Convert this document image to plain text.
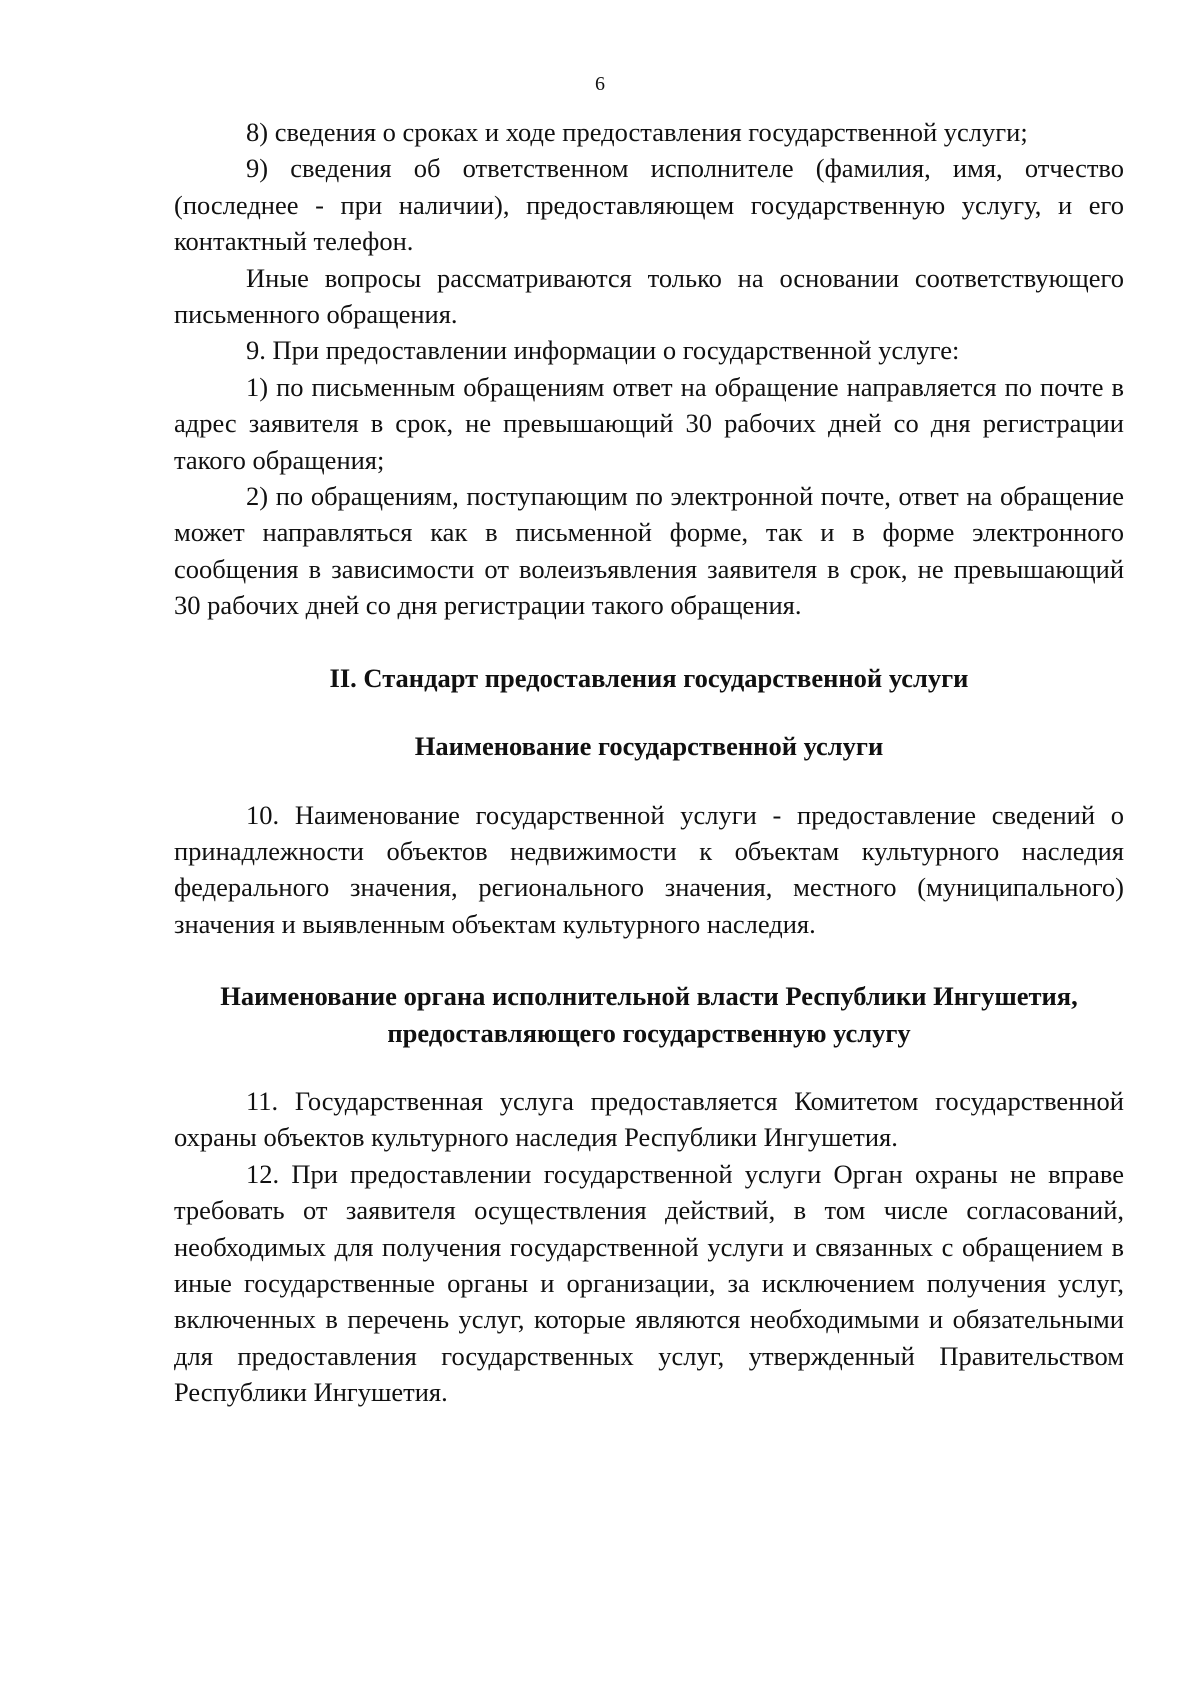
6

8) сведения о сроках и ходе предоставления государственной услуги;

9) сведения об ответственном исполнителе (фамилия, имя, отчество (последнее - при наличии), предоставляющем государственную услугу, и его контактный телефон.

Иные вопросы рассматриваются только на основании соответствующего письменного обращения.

9. При предоставлении информации о государственной услуге:

1) по письменным обращениям ответ на обращение направляется по почте в адрес заявителя в срок, не превышающий 30 рабочих дней со дня регистрации такого обращения;

2) по обращениям, поступающим по электронной почте, ответ на обращение может направляться как в письменной форме, так и в форме электронного сообщения в зависимости от волеизъявления заявителя в срок, не превышающий 30 рабочих дней со дня регистрации такого обращения.

II. Стандарт предоставления государственной услуги

Наименование государственной услуги

10. Наименование государственной услуги - предоставление сведений о принадлежности объектов недвижимости к объектам культурного наследия федерального значения, регионального значения, местного (муниципального) значения и выявленным объектам культурного наследия.

Наименование органа исполнительной власти Республики Ингушетия, предоставляющего государственную услугу

11. Государственная услуга предоставляется Комитетом государственной охраны объектов культурного наследия Республики Ингушетия.

12. При предоставлении государственной услуги Орган охраны не вправе требовать от заявителя осуществления действий, в том числе согласований, необходимых для получения государственной услуги и связанных с обращением в иные государственные органы и организации, за исключением получения услуг, включенных в перечень услуг, которые являются необходимыми и обязательными для предоставления государственных услуг, утвержденный Правительством Республики Ингушетия.
